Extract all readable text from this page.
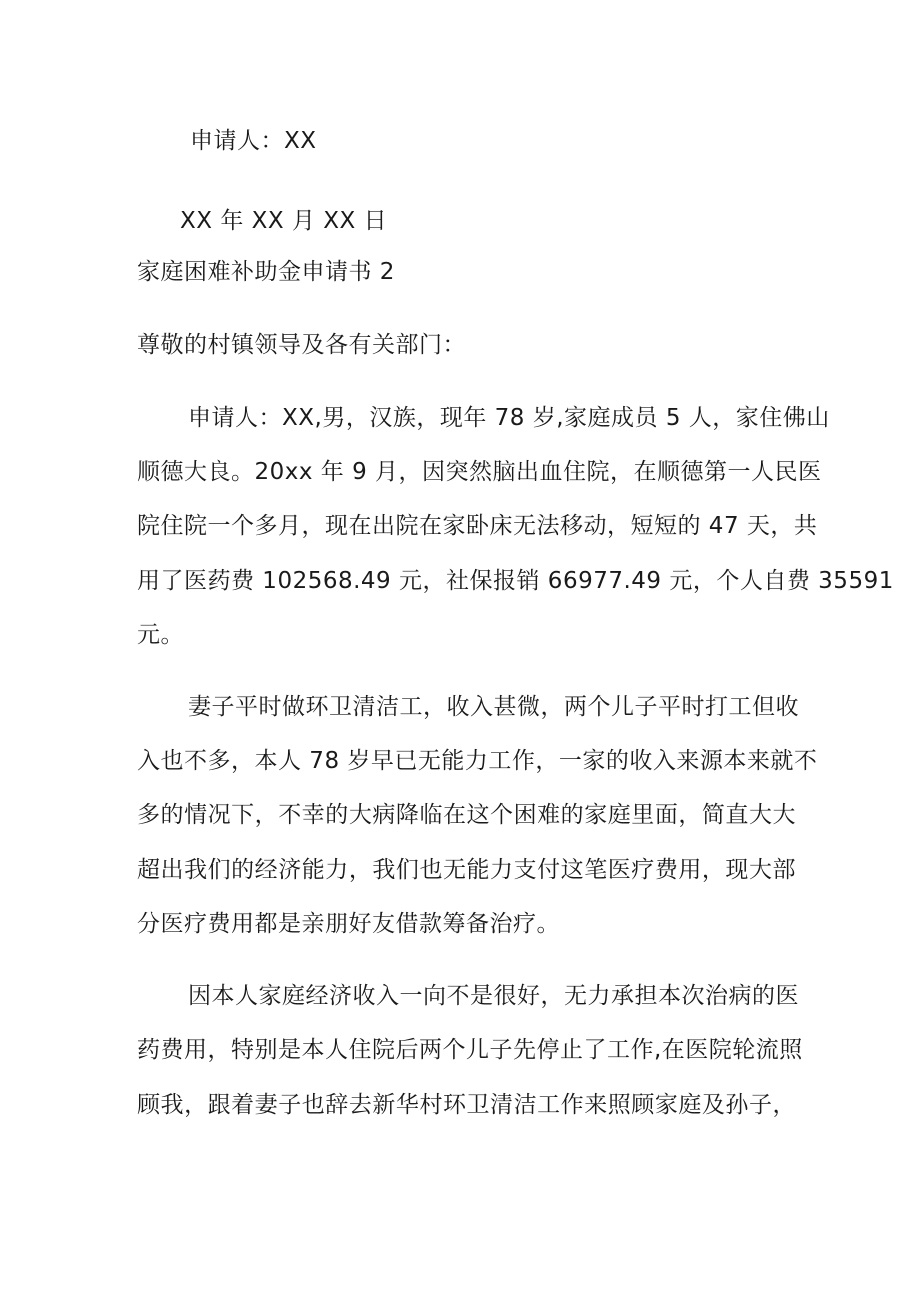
申请人：XX
XX 年 XX 月 XX 日
家庭困难补助金申请书 2
尊敬的村镇领导及各有关部门：
申请人：XX,男，汉族，现年 78 岁,家庭成员 5 人，家住佛山
顺德大良。20xx 年 9 月，因突然脑出血住院，在顺德第一人民医
院住院一个多月，现在出院在家卧床无法移动，短短的 47 天，共
用了医药费 102568.49 元，社保报销 66977.49 元，个人自费 35591
元。
妻子平时做环卫清洁工，收入甚微，两个儿子平时打工但收
入也不多，本人 78 岁早已无能力工作，一家的收入来源本来就不
多的情况下，不幸的大病降临在这个困难的家庭里面，简直大大
超出我们的经济能力，我们也无能力支付这笔医疗费用，现大部
分医疗费用都是亲朋好友借款筹备治疗。
因本人家庭经济收入一向不是很好，无力承担本次治病的医
药费用，特别是本人住院后两个儿子先停止了工作,在医院轮流照
顾我，跟着妻子也辞去新华村环卫清洁工作来照顾家庭及孙子，
